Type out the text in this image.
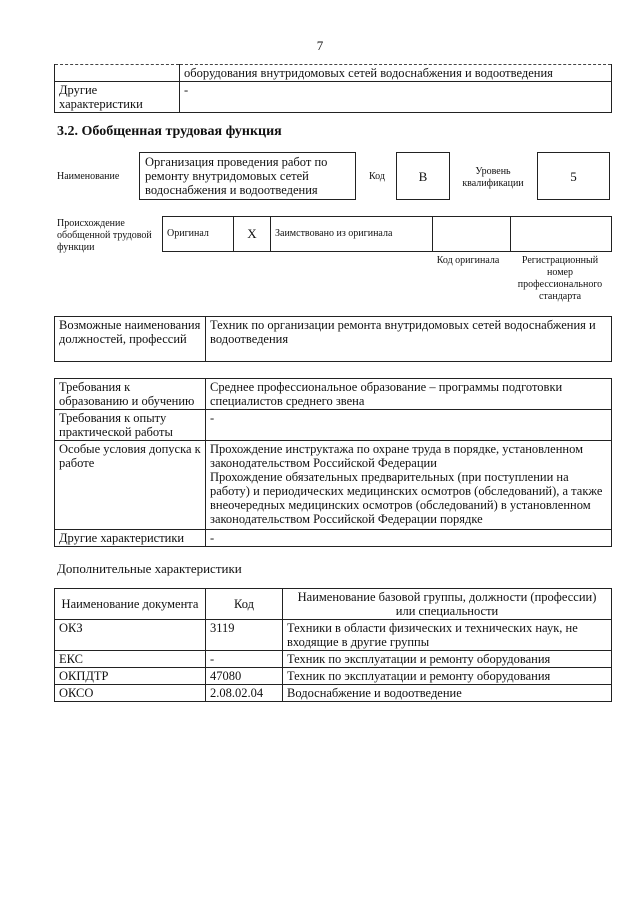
7
	оборудования внутридомовых сетей водоснабжения и водоотведения
Другие характеристики	-
3.2. Обобщенная трудовая функция
Наименование
Организация проведения работ по ремонту внутридомовых сетей водоснабжения и водоотведения
Код	В	Уровень квалификации	5
Происхождение обобщенной трудовой функции
Оригинал	X	Заимствовано из оригинала		
Код оригинала	Регистрационный номер профессионального стандарта
Возможные наименования должностей, профессий	Техник по организации ремонта внутридомовых сетей водоснабжения и водоотведения
Требования к образованию и обучению	Среднее профессиональное образование – программы подготовки специалистов среднего звена
Требования к опыту практической работы	-
Особые условия допуска к работе	Прохождение инструктажа по охране труда в порядке, установленном законодательством Российской Федерации
Прохождение обязательных предварительных (при поступлении на работу) и периодических медицинских осмотров (обследований), а также внеочередных медицинских осмотров (обследований) в установленном законодательством Российской Федерации порядке
Другие характеристики	-
Дополнительные характеристики
Наименование документа	Код	Наименование базовой группы, должности (профессии) или специальности
ОКЗ	3119	Техники в области физических и технических наук, не входящие в другие группы
ЕКС	-	Техник по эксплуатации и ремонту оборудования
ОКПДТР	47080	Техник по эксплуатации и ремонту оборудования
ОКСО	2.08.02.04	Водоснабжение и водоотведение
